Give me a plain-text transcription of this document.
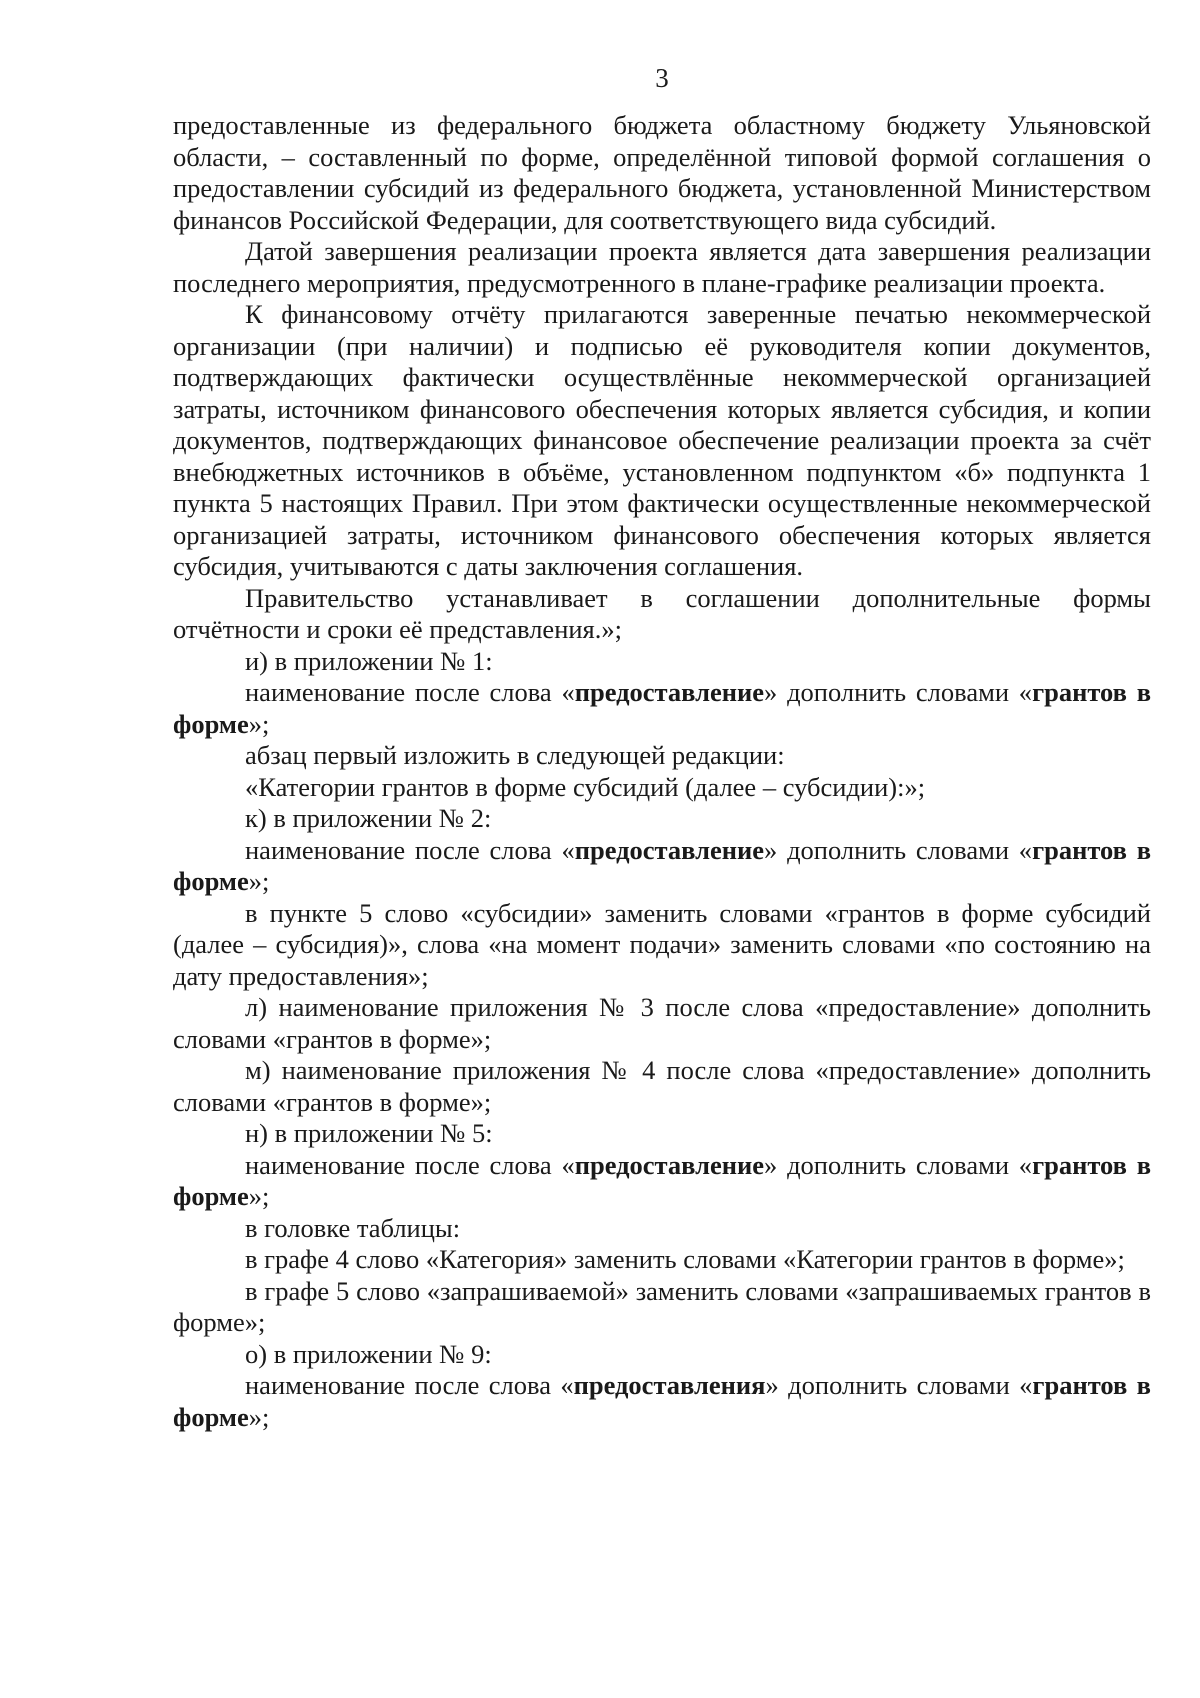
3

предоставленные из федерального бюджета областному бюджету Ульяновской области, – составленный по форме, определённой типовой формой соглашения о предоставлении субсидий из федерального бюджета, установленной Министерством финансов Российской Федерации, для соответствующего вида субсидий.

Датой завершения реализации проекта является дата завершения реализации последнего мероприятия, предусмотренного в плане-графике реализации проекта.

К финансовому отчёту прилагаются заверенные печатью некоммерческой организации (при наличии) и подписью её руководителя копии документов, подтверждающих фактически осуществлённые некоммерческой организацией затраты, источником финансового обеспечения которых является субсидия, и копии документов, подтверждающих финансовое обеспечение реализации проекта за счёт внебюджетных источников в объёме, установленном подпунктом «б» подпункта 1 пункта 5 настоящих Правил. При этом фактически осуществленные некоммерческой организацией затраты, источником финансового обеспечения которых является субсидия, учитываются с даты заключения соглашения.

Правительство устанавливает в соглашении дополнительные формы отчётности и сроки её представления.»;

и) в приложении № 1:

наименование после слова «предоставление» дополнить словами «грантов в форме»;

абзац первый изложить в следующей редакции:

«Категории грантов в форме субсидий (далее – субсидии):»;

к) в приложении № 2:

наименование после слова «предоставление» дополнить словами «грантов в форме»;

в пункте 5 слово «субсидии» заменить словами «грантов в форме субсидий (далее – субсидия)», слова «на момент подачи» заменить словами «по состоянию на дату предоставления»;

л) наименование приложения № 3 после слова «предоставление» дополнить словами «грантов в форме»;

м) наименование приложения № 4 после слова «предоставление» дополнить словами «грантов в форме»;

н) в приложении № 5:

наименование после слова «предоставление» дополнить словами «грантов в форме»;

в головке таблицы:

в графе 4 слово «Категория» заменить словами «Категории грантов в форме»;

в графе 5 слово «запрашиваемой» заменить словами «запрашиваемых грантов в форме»;

о) в приложении № 9:

наименование после слова «предоставления» дополнить словами «грантов в форме»;
